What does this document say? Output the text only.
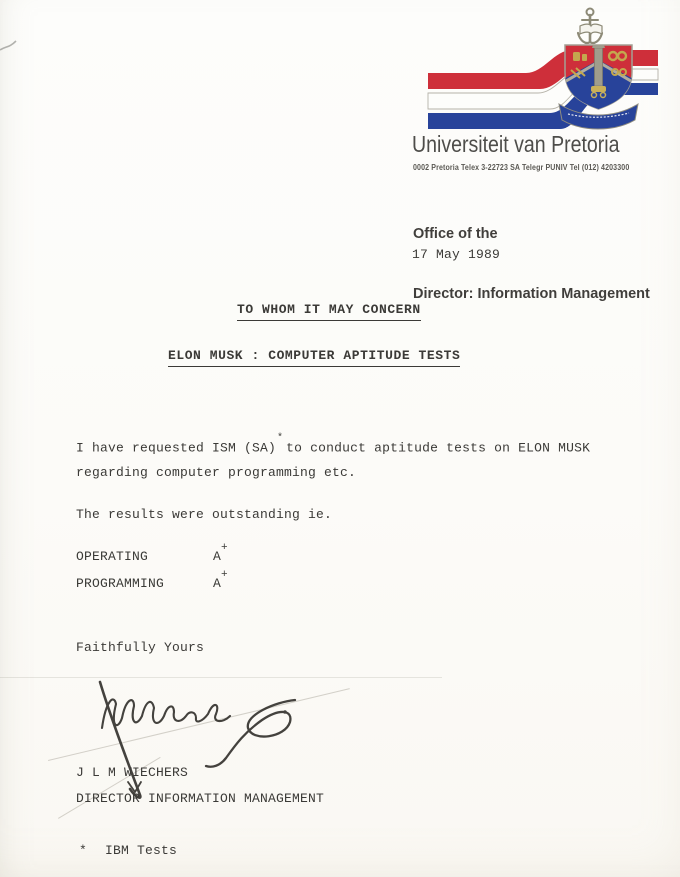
Universiteit van Pretoria
0002 Pretoria Telex 3-22723 SA Telegr PUNIV Tel (012) 4203300

Office of the

Director: Information Management

17 May 1989
TO WHOM IT MAY CONCERN
ELON MUSK : COMPUTER APTITUDE TESTS
I have requested ISM (SA)*to conduct aptitude tests on ELON MUSK
regarding computer programming etc.
The results were outstanding ie.
OPERATING	A+
PROGRAMMING	A+
Faithfully Yours
J L M WIECHERS
DIRECTOR INFORMATION MANAGEMENT
* IBM Tests
